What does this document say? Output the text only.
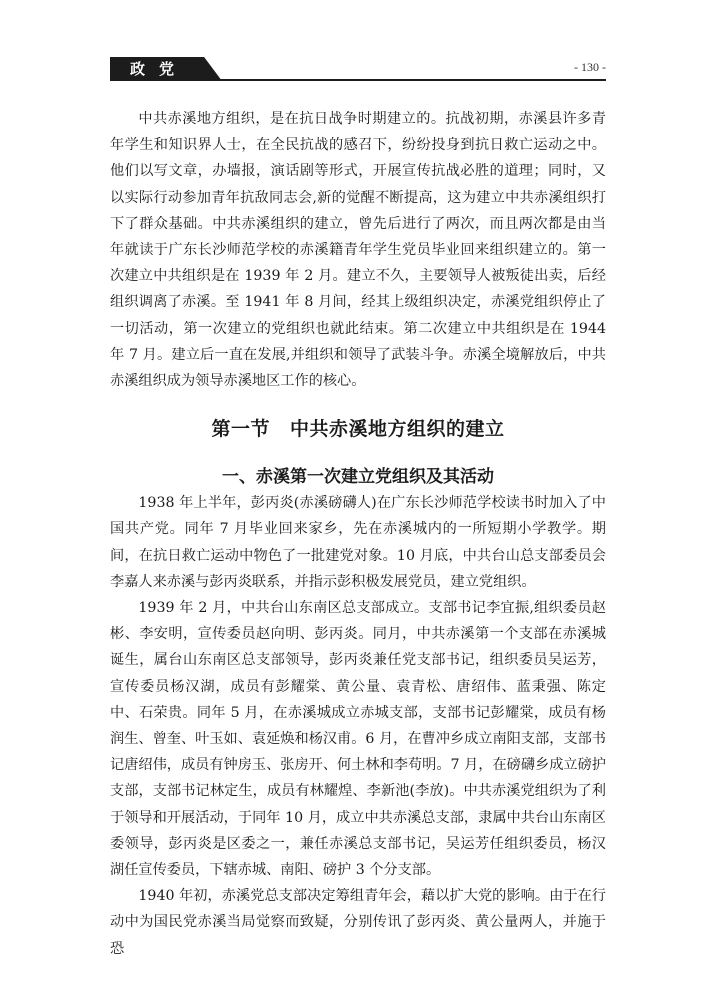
政党	- 130 -

中共赤溪地方组织，是在抗日战争时期建立的。抗战初期，赤溪县许多青年学生和知识界人士，在全民抗战的感召下，纷纷投身到抗日救亡运动之中。他们以写文章，办墙报，演话剧等形式，开展宣传抗战必胜的道理；同时，又以实际行动参加青年抗敌同志会,新的觉醒不断提高，这为建立中共赤溪组织打下了群众基础。中共赤溪组织的建立，曾先后进行了两次，而且两次都是由当年就读于广东长沙师范学校的赤溪籍青年学生党员毕业回来组织建立的。第一次建立中共组织是在 1939 年 2 月。建立不久，主要领导人被叛徒出卖，后经组织调离了赤溪。至 1941 年 8 月间，经其上级组织决定，赤溪党组织停止了一切活动，第一次建立的党组织也就此结束。第二次建立中共组织是在 1944 年 7 月。建立后一直在发展,并组织和领导了武装斗争。赤溪全境解放后，中共赤溪组织成为领导赤溪地区工作的核心。

第一节 中共赤溪地方组织的建立
一、赤溪第一次建立党组织及其活动

1938 年上半年，彭丙炎(赤溪磅礴人)在广东长沙师范学校读书时加入了中国共产党。同年 7 月毕业回来家乡，先在赤溪城内的一所短期小学教学。期间，在抗日救亡运动中物色了一批建党对象。10 月底，中共台山总支部委员会李嘉人来赤溪与彭丙炎联系，并指示彭积极发展党员，建立党组织。

1939 年 2 月，中共台山东南区总支部成立。支部书记李宜振,组织委员赵彬、李安明，宣传委员赵向明、彭丙炎。同月，中共赤溪第一个支部在赤溪城诞生，属台山东南区总支部领导，彭丙炎兼任党支部书记，组织委员吴运芳，宣传委员杨汉湖，成员有彭耀棠、黄公量、袁青松、唐绍伟、蓝秉强、陈定中、石荣贵。同年 5 月，在赤溪城成立赤城支部，支部书记彭耀棠，成员有杨润生、曾奎、叶玉如、袁延焕和杨汉甫。6 月，在曹冲乡成立南阳支部，支部书记唐绍伟，成员有钟房玉、张房开、何土林和李苟明。7 月，在磅礴乡成立磅护支部，支部书记林定生，成员有林耀煌、李新池(李放)。中共赤溪党组织为了利于领导和开展活动，于同年 10 月，成立中共赤溪总支部，隶属中共台山东南区委领导，彭丙炎是区委之一，兼任赤溪总支部书记，吴运芳任组织委员，杨汉湖任宣传委员，下辖赤城、南阳、磅护 3 个分支部。

1940 年初，赤溪党总支部决定筹组青年会，藉以扩大党的影响。由于在行动中为国民党赤溪当局觉察而致疑，分别传讯了彭丙炎、黄公量两人，并施于恐
